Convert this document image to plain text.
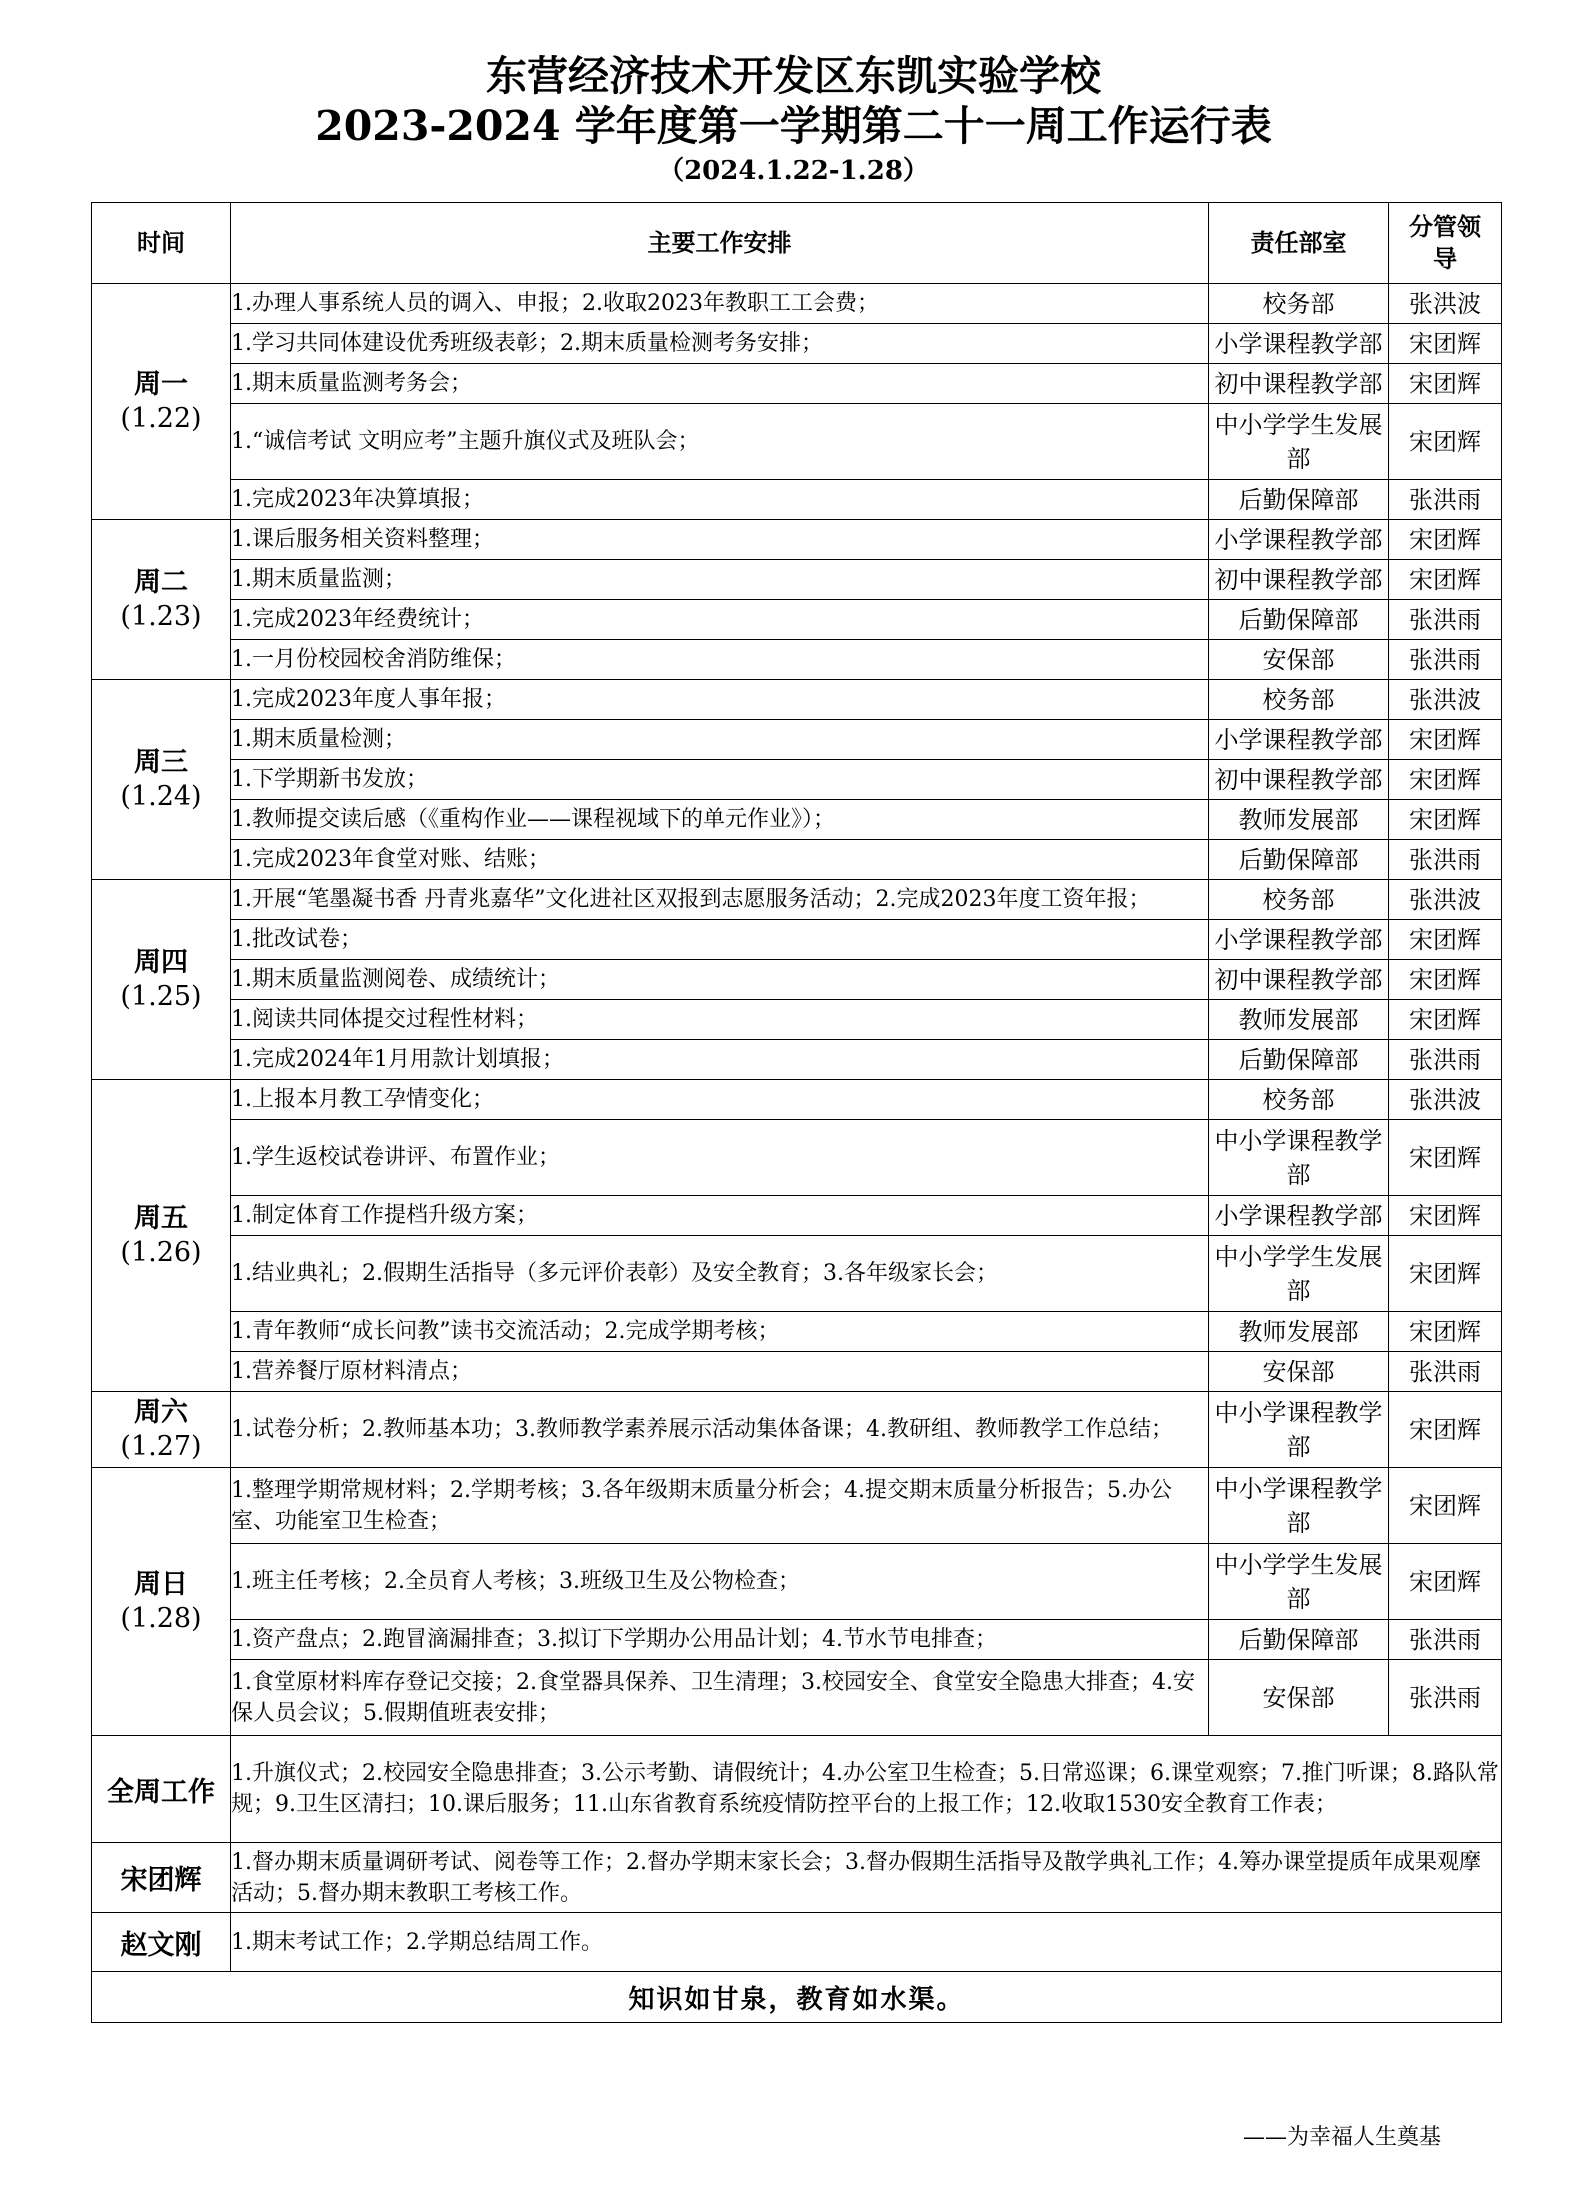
东营经济技术开发区东凯实验学校
2023-2024 学年度第一学期第二十一周工作运行表
（2024.1.22-1.28）
时间	主要工作安排	责任部室	分管领导

周一
(1.22)	1.办理人事系统人员的调入、申报；2.收取2023年教职工工会费；	校务部	张洪波
	1.学习共同体建设优秀班级表彰；2.期末质量检测考务安排；	小学课程教学部	宋团辉
	1.期末质量监测考务会；	初中课程教学部	宋团辉
	1.“诚信考试 文明应考”主题升旗仪式及班队会；	中小学学生发展部	宋团辉
	1.完成2023年决算填报；	后勤保障部	张洪雨

周二
(1.23)	1.课后服务相关资料整理；	小学课程教学部	宋团辉
	1.期末质量监测；	初中课程教学部	宋团辉
	1.完成2023年经费统计；	后勤保障部	张洪雨
	1.一月份校园校舍消防维保；	安保部	张洪雨

周三
(1.24)	1.完成2023年度人事年报；	校务部	张洪波
	1.期末质量检测；	小学课程教学部	宋团辉
	1.下学期新书发放；	初中课程教学部	宋团辉
	1.教师提交读后感（《重构作业——课程视域下的单元作业》）；	教师发展部	宋团辉
	1.完成2023年食堂对账、结账；	后勤保障部	张洪雨

周四
(1.25)	1.开展“笔墨凝书香 丹青兆嘉华”文化进社区双报到志愿服务活动；2.完成2023年度工资年报；	校务部	张洪波
	1.批改试卷；	小学课程教学部	宋团辉
	1.期末质量监测阅卷、成绩统计；	初中课程教学部	宋团辉
	1.阅读共同体提交过程性材料；	教师发展部	宋团辉
	1.完成2024年1月用款计划填报；	后勤保障部	张洪雨

周五
(1.26)	1.上报本月教工孕情变化；	校务部	张洪波
	1.学生返校试卷讲评、布置作业；	中小学课程教学部	宋团辉
	1.制定体育工作提档升级方案；	小学课程教学部	宋团辉
	1.结业典礼；2.假期生活指导（多元评价表彰）及安全教育；3.各年级家长会；	中小学学生发展部	宋团辉
	1.青年教师“成长问教”读书交流活动；2.完成学期考核；	教师发展部	宋团辉
	1.营养餐厅原材料清点；	安保部	张洪雨

周六
(1.27)	1.试卷分析；2.教师基本功；3.教师教学素养展示活动集体备课；4.教研组、教师教学工作总结；	中小学课程教学部	宋团辉

周日
(1.28)	1.整理学期常规材料；2.学期考核；3.各年级期末质量分析会；4.提交期末质量分析报告；5.办公室、功能室卫生检查；	中小学课程教学部	宋团辉
	1.班主任考核；2.全员育人考核；3.班级卫生及公物检查；	中小学学生发展部	宋团辉
	1.资产盘点；2.跑冒滴漏排查；3.拟订下学期办公用品计划；4.节水节电排查；	后勤保障部	张洪雨
	1.食堂原材料库存登记交接；2.食堂器具保养、卫生清理；3.校园安全、食堂安全隐患大排查；4.安保人员会议；5.假期值班表安排；	安保部	张洪雨
全周工作	1.升旗仪式；2.校园安全隐患排查；3.公示考勤、请假统计；4.办公室卫生检查；5.日常巡课；6.课堂观察；7.推门听课；8.路队常规；9.卫生区清扫；10.课后服务；11.山东省教育系统疫情防控平台的上报工作；12.收取1530安全教育工作表；		
宋团辉	1.督办期末质量调研考试、阅卷等工作；2.督办学期末家长会；3.督办假期生活指导及散学典礼工作；4.筹办课堂提质年成果观摩活动；5.督办期末教职工考核工作。		
赵文刚	1.期末考试工作；2.学期总结周工作。		
知识如甘泉，教育如水渠。			
——为幸福人生奠基
